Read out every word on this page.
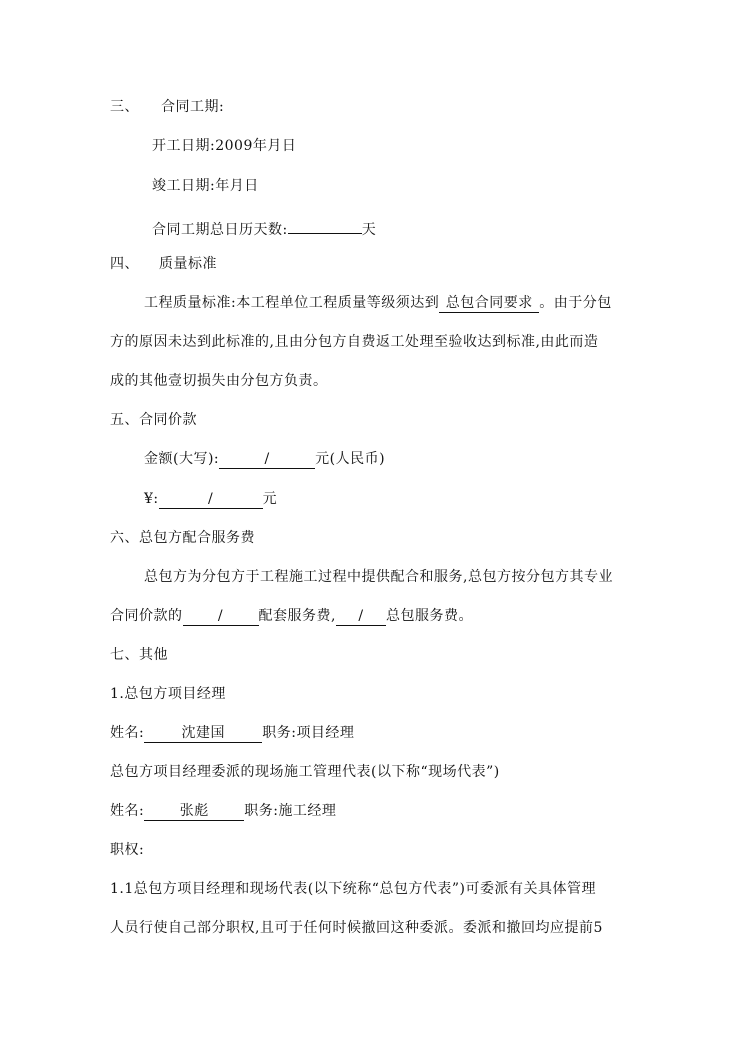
三、 合同工期:
开工日期:2009年月日
竣工日期:年月日
合同工期总日历天数:	天
四、 质量标准
工程质量标准:本工程单位工程质量等级须达到 总包合同要求 。由于分包
方的原因未达到此标准的,且由分包方自费返工处理至验收达到标准,由此而造
成的其他壹切损失由分包方负责。
五、合同价款
金额(大写):	/	元(人民币)
¥:	/	元
六、总包方配合服务费
总包方为分包方于工程施工过程中提供配合和服务,总包方按分包方其专业
合同价款的	/	配套服务费, / 总包服务费。
七、其他
1.总包方项目经理
姓名:	沈建国	职务:项目经理
总包方项目经理委派的现场施工管理代表(以下称“现场代表”)
姓名:	张彪	职务:施工经理
职权:
1.1总包方项目经理和现场代表(以下统称“总包方代表”)可委派有关具体管理
人员行使自己部分职权,且可于任何时候撤回这种委派。委派和撤回均应提前5
